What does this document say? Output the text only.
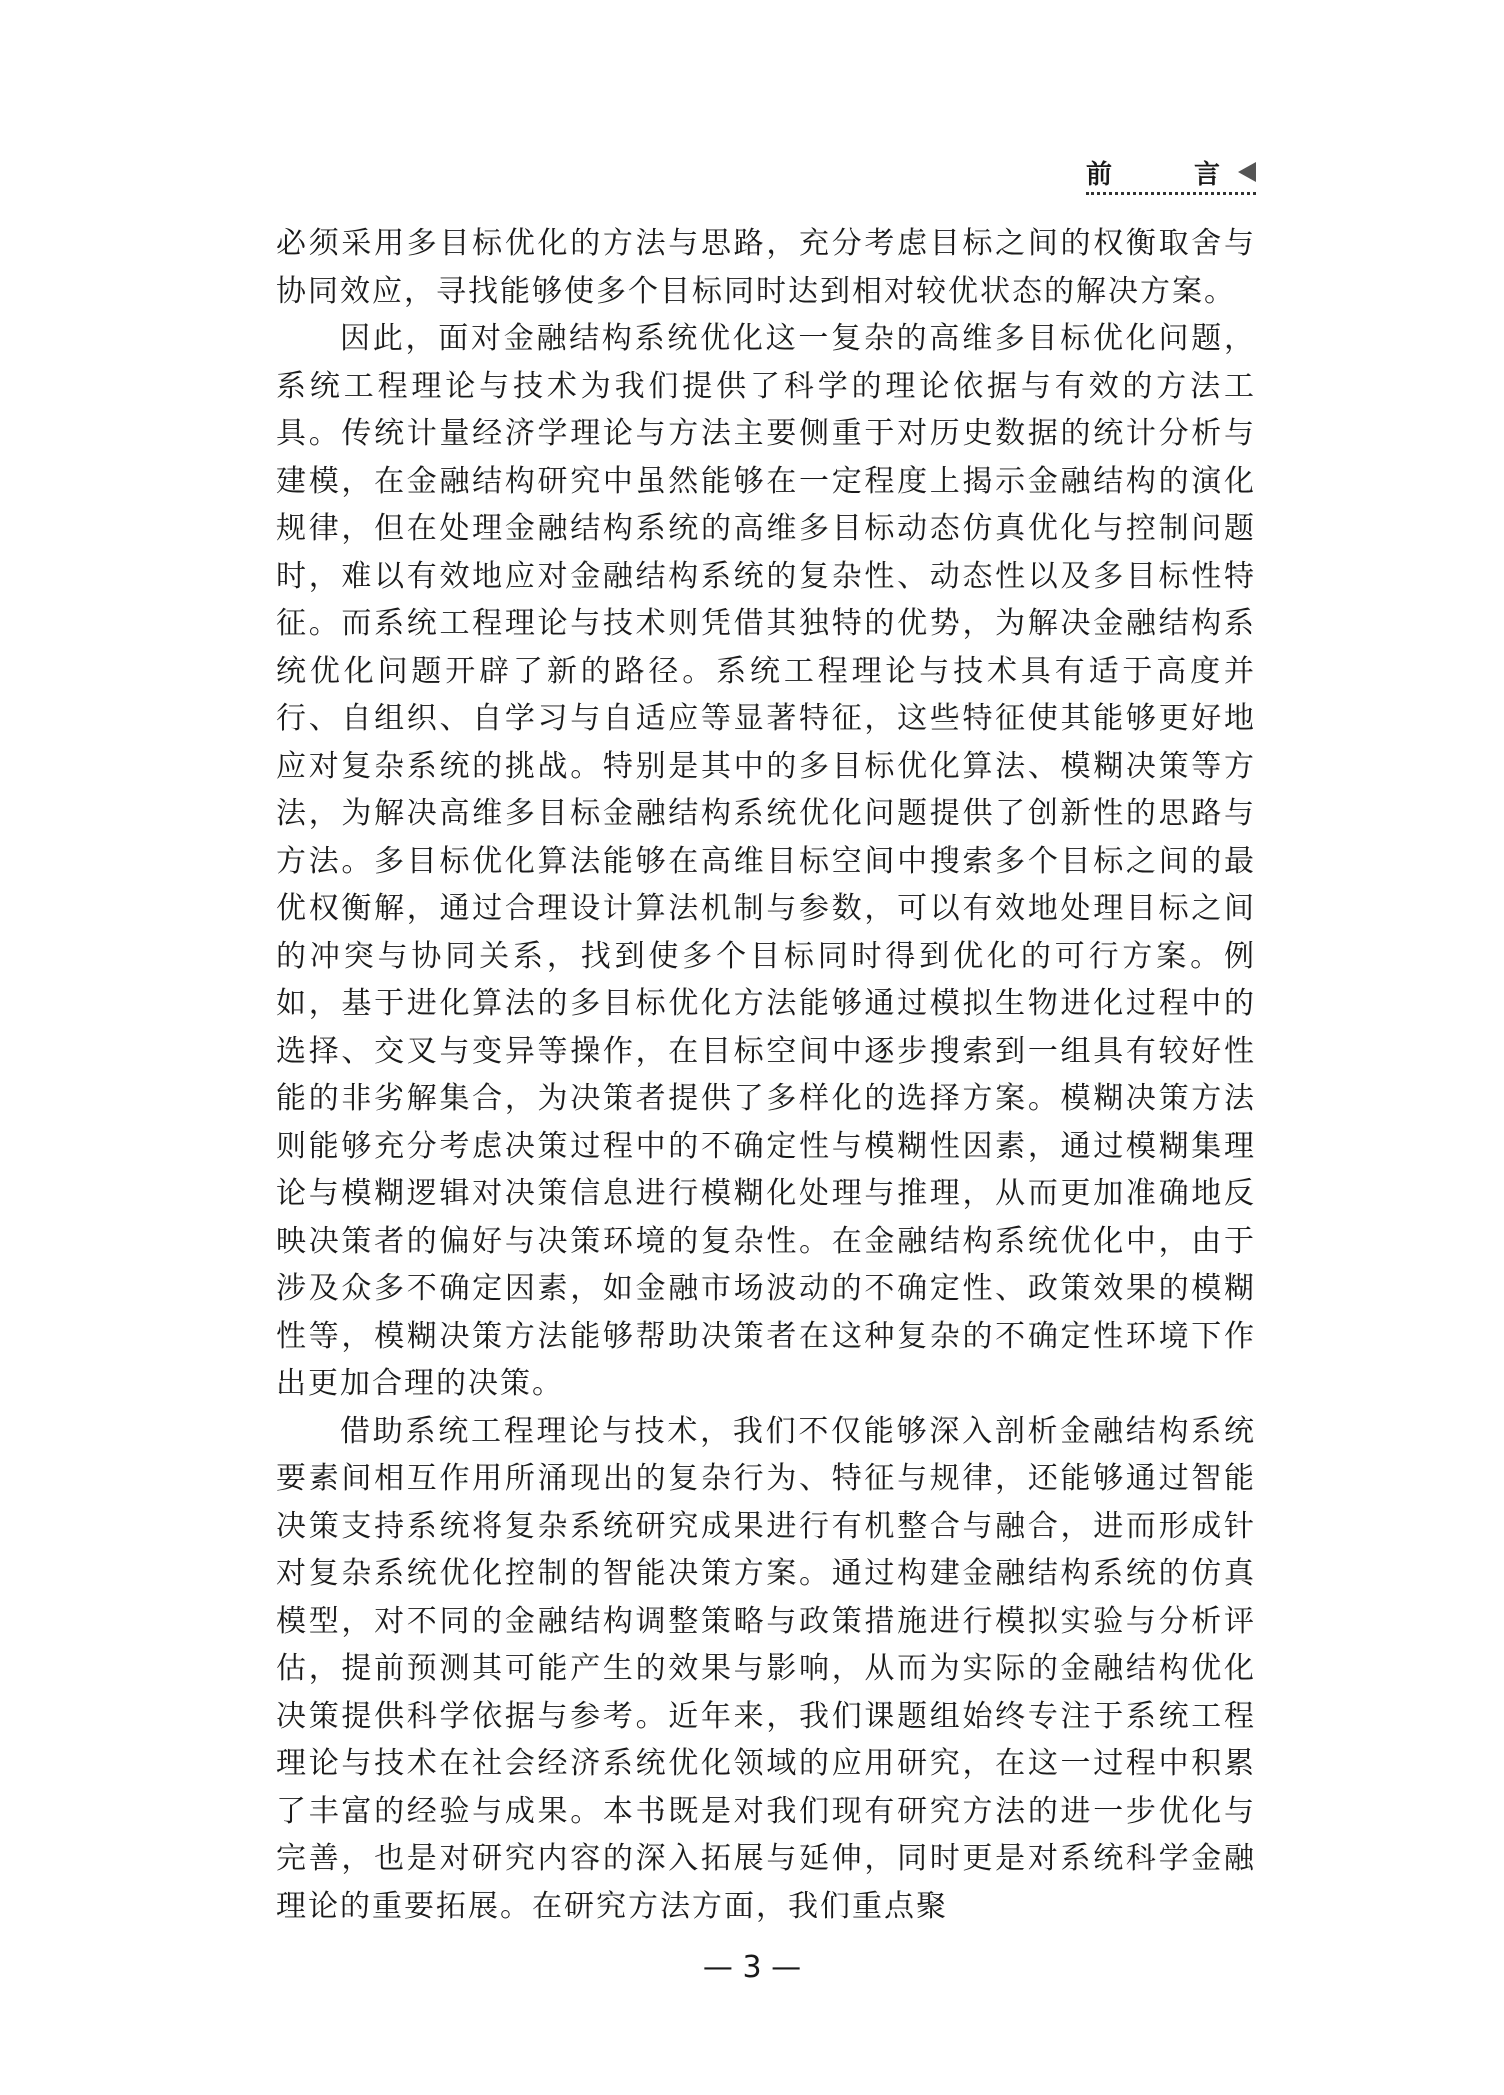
前　言

必须采用多目标优化的方法与思路，充分考虑目标之间的权衡取舍与协同效应，寻找能够使多个目标同时达到相对较优状态的解决方案。

因此，面对金融结构系统优化这一复杂的高维多目标优化问题，系统工程理论与技术为我们提供了科学的理论依据与有效的方法工具。传统计量经济学理论与方法主要侧重于对历史数据的统计分析与建模，在金融结构研究中虽然能够在一定程度上揭示金融结构的演化规律，但在处理金融结构系统的高维多目标动态仿真优化与控制问题时，难以有效地应对金融结构系统的复杂性、动态性以及多目标性特征。而系统工程理论与技术则凭借其独特的优势，为解决金融结构系统优化问题开辟了新的路径。系统工程理论与技术具有适于高度并行、自组织、自学习与自适应等显著特征，这些特征使其能够更好地应对复杂系统的挑战。特别是其中的多目标优化算法、模糊决策等方法，为解决高维多目标金融结构系统优化问题提供了创新性的思路与方法。多目标优化算法能够在高维目标空间中搜索多个目标之间的最优权衡解，通过合理设计算法机制与参数，可以有效地处理目标之间的冲突与协同关系，找到使多个目标同时得到优化的可行方案。例如，基于进化算法的多目标优化方法能够通过模拟生物进化过程中的选择、交叉与变异等操作，在目标空间中逐步搜索到一组具有较好性能的非劣解集合，为决策者提供了多样化的选择方案。模糊决策方法则能够充分考虑决策过程中的不确定性与模糊性因素，通过模糊集理论与模糊逻辑对决策信息进行模糊化处理与推理，从而更加准确地反映决策者的偏好与决策环境的复杂性。在金融结构系统优化中，由于涉及众多不确定因素，如金融市场波动的不确定性、政策效果的模糊性等，模糊决策方法能够帮助决策者在这种复杂的不确定性环境下作出更加合理的决策。

借助系统工程理论与技术，我们不仅能够深入剖析金融结构系统要素间相互作用所涌现出的复杂行为、特征与规律，还能够通过智能决策支持系统将复杂系统研究成果进行有机整合与融合，进而形成针对复杂系统优化控制的智能决策方案。通过构建金融结构系统的仿真模型，对不同的金融结构调整策略与政策措施进行模拟实验与分析评估，提前预测其可能产生的效果与影响，从而为实际的金融结构优化决策提供科学依据与参考。近年来，我们课题组始终专注于系统工程理论与技术在社会经济系统优化领域的应用研究，在这一过程中积累了丰富的经验与成果。本书既是对我们现有研究方法的进一步优化与完善，也是对研究内容的深入拓展与延伸，同时更是对系统科学金融理论的重要拓展。在研究方法方面，我们重点聚

— 3 —
